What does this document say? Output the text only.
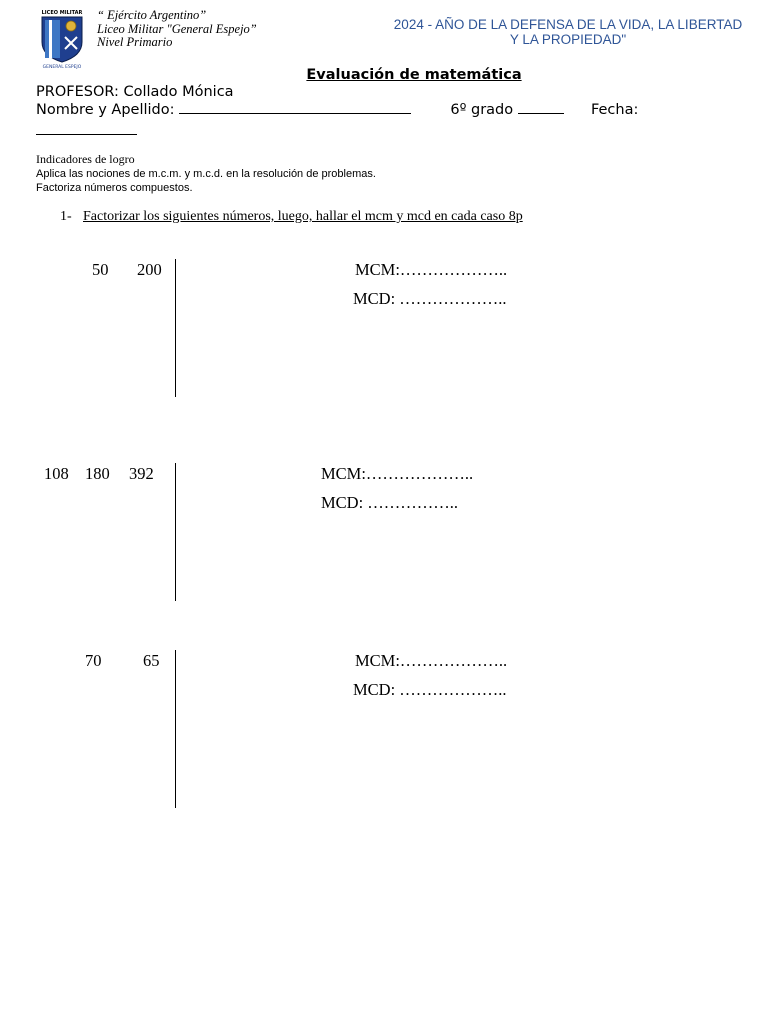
LICEO MILITAR
GENERAL ESPEJO
“ Ejército Argentino”
Liceo Militar "General Espejo”
Nivel Primario
2024 - AÑO DE LA DEFENSA DE LA VIDA, LA LIBERTAD
Y LA PROPIEDAD"
Evaluación de matemática
PROFESOR: Collado Mónica
Nombre y Apellido:	6º grado	Fecha:
Indicadores de logro
Aplica las nociones de m.c.m. y m.c.d. en la resolución de problemas.
Factoriza números compuestos.
1- Factorizar los siguientes números, luego, hallar el mcm y mcd en cada caso 8p
50 200	MCM:………………..
MCD: ………………..
108 180 392	MCM:………………..
MCD: ……………..
70	65	MCM:………………..
MCD: ………………..
